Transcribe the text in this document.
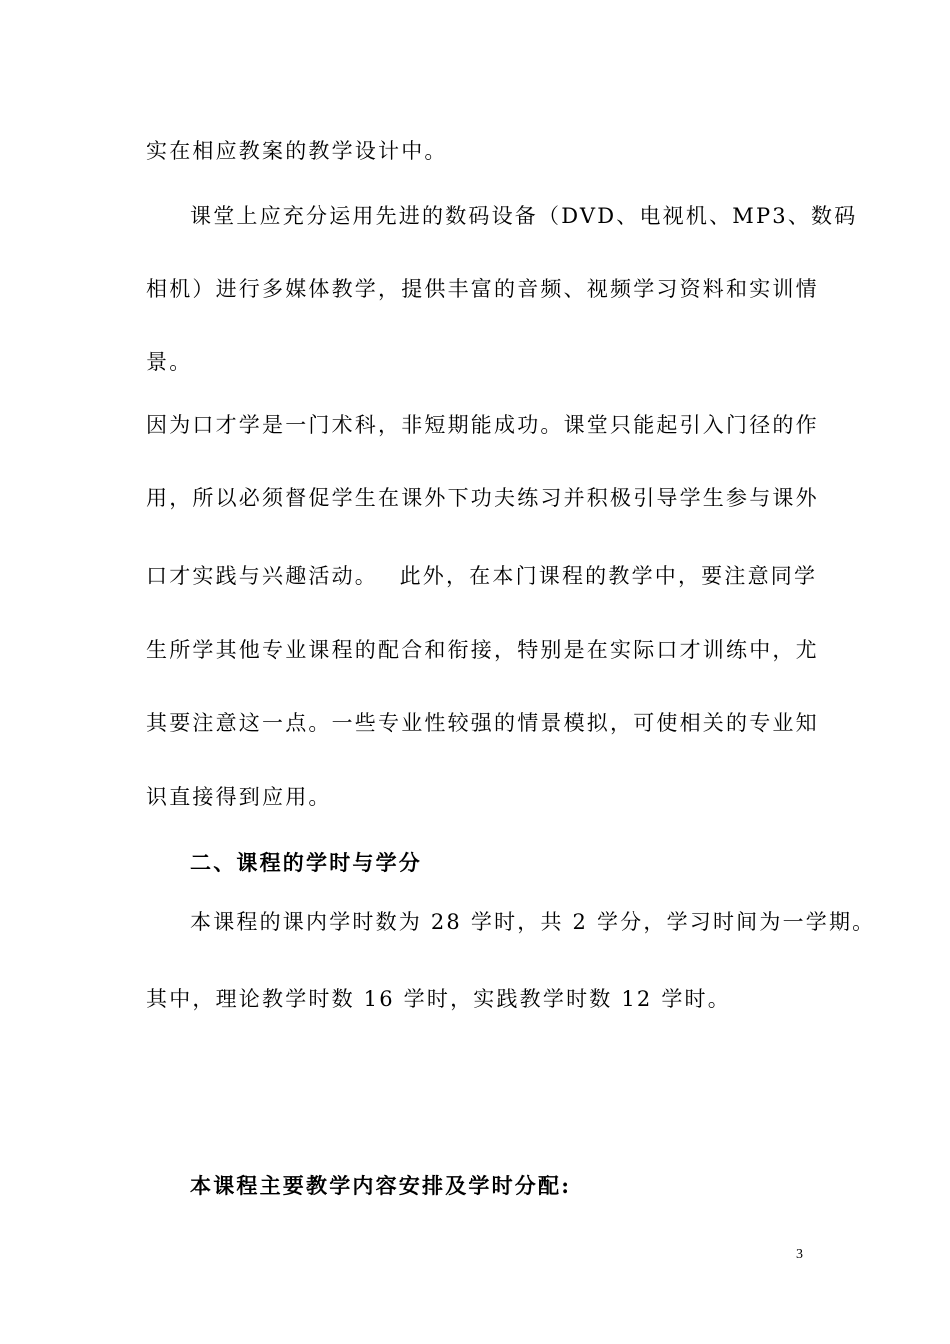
实在相应教案的教学设计中。
课堂上应充分运用先进的数码设备（DVD、电视机、MP3、数码
相机）进行多媒体教学，提供丰富的音频、视频学习资料和实训情
景。
因为口才学是一门术科，非短期能成功。课堂只能起引入门径的作
用，所以必须督促学生在课外下功夫练习并积极引导学生参与课外
口才实践与兴趣活动。　 此外，在本门课程的教学中，要注意同学
生所学其他专业课程的配合和衔接，特别是在实际口才训练中，尤
其要注意这一点。一些专业性较强的情景模拟，可使相关的专业知
识直接得到应用。
二、课程的学时与学分
本课程的课内学时数为 28 学时，共 2 学分，学习时间为一学期。
其中，理论教学时数 16 学时，实践教学时数 12 学时。
本课程主要教学内容安排及学时分配:
3
